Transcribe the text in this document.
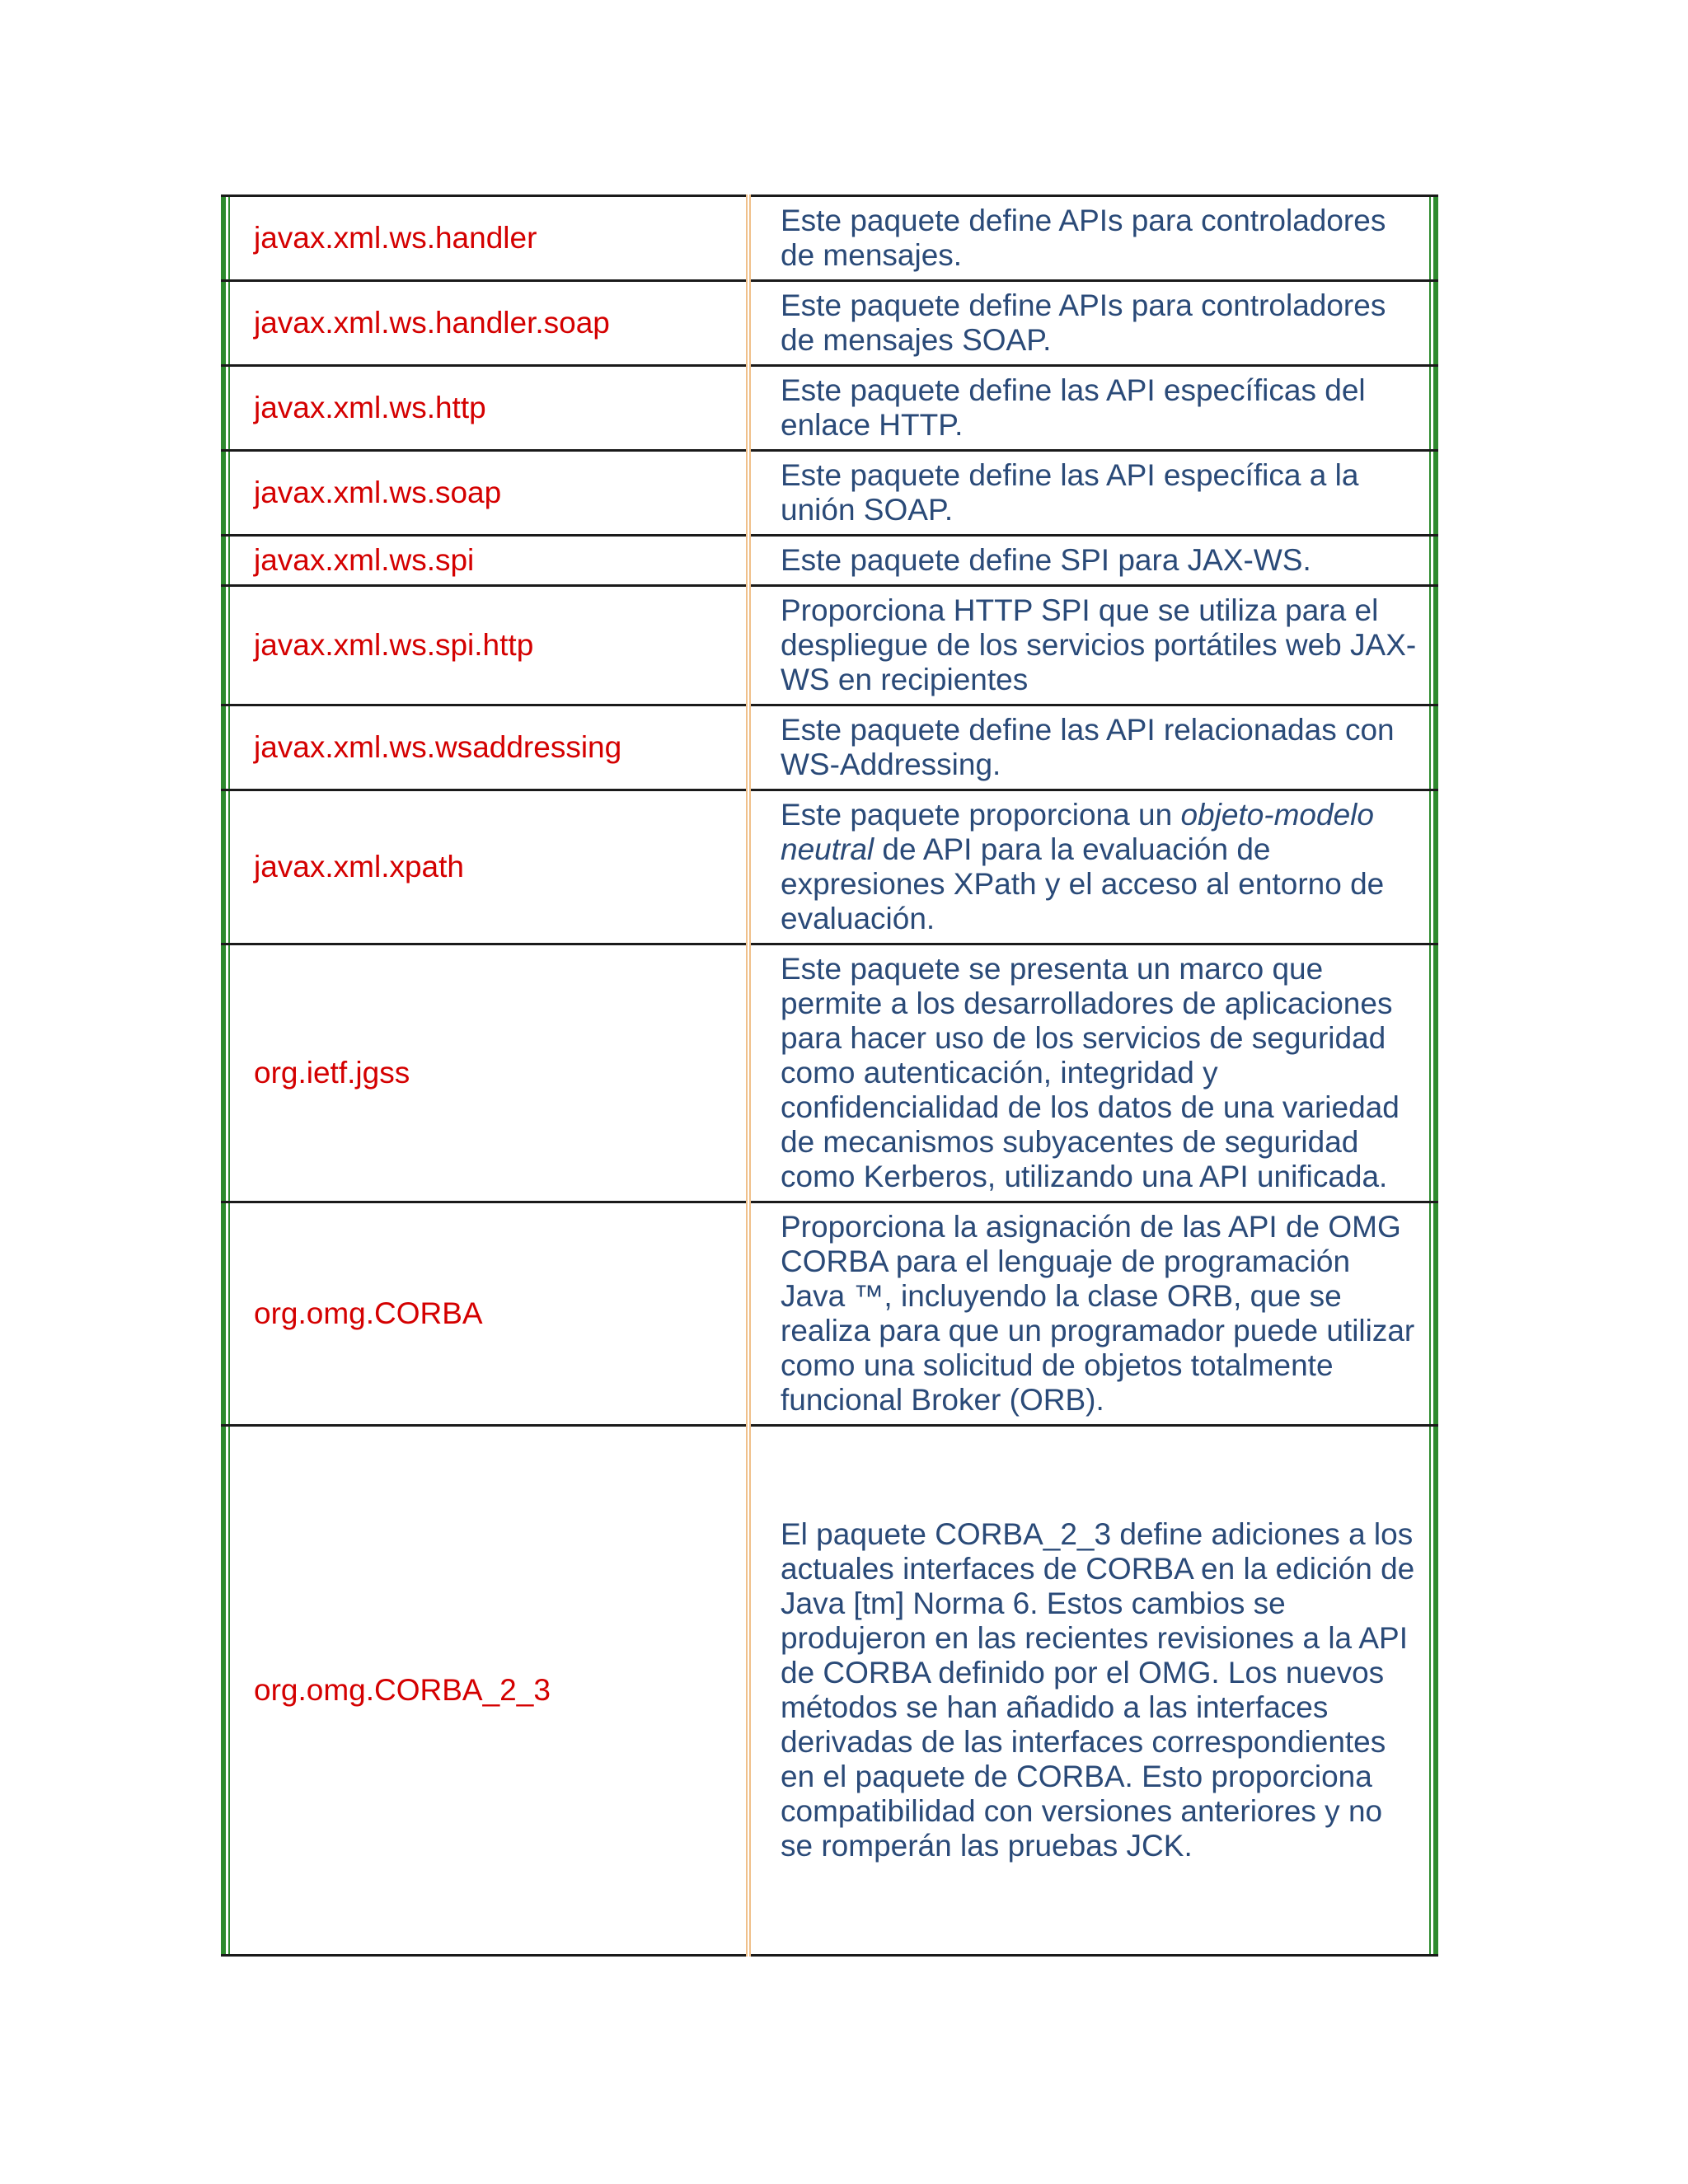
javax.xml.ws.handler	Este paquete define APIs para controladores de mensajes.

javax.xml.ws.handler.soap	Este paquete define APIs para controladores de mensajes SOAP.

javax.xml.ws.http	Este paquete define las API específicas del enlace HTTP.

javax.xml.ws.soap	Este paquete define las API específica a la unión SOAP.

javax.xml.ws.spi	Este paquete define SPI para JAX-WS.

javax.xml.ws.spi.http	Proporciona HTTP SPI que se utiliza para el despliegue de los servicios portátiles web JAX-WS en recipientes

javax.xml.ws.wsaddressing	Este paquete define las API relacionadas con WS-Addressing.

javax.xml.xpath	Este paquete proporciona un objeto-modelo neutral de API para la evaluación de expresiones XPath y el acceso al entorno de evaluación.

org.ietf.jgss	Este paquete se presenta un marco que permite a los desarrolladores de aplicaciones para hacer uso de los servicios de seguridad como autenticación, integridad y confidencialidad de los datos de una variedad de mecanismos subyacentes de seguridad como Kerberos, utilizando una API unificada.

org.omg.CORBA	Proporciona la asignación de las API de OMG CORBA para el lenguaje de programación Java ™, incluyendo la clase ORB, que se realiza para que un programador puede utilizar como una solicitud de objetos totalmente funcional Broker (ORB).

org.omg.CORBA_2_3	El paquete CORBA_2_3 define adiciones a los actuales interfaces de CORBA en la edición de Java [tm] Norma 6. Estos cambios se produjeron en las recientes revisiones a la API de CORBA definido por el OMG. Los nuevos métodos se han añadido a las interfaces derivadas de las interfaces correspondientes en el paquete de CORBA. Esto proporciona compatibilidad con versiones anteriores y no se romperán las pruebas JCK.
